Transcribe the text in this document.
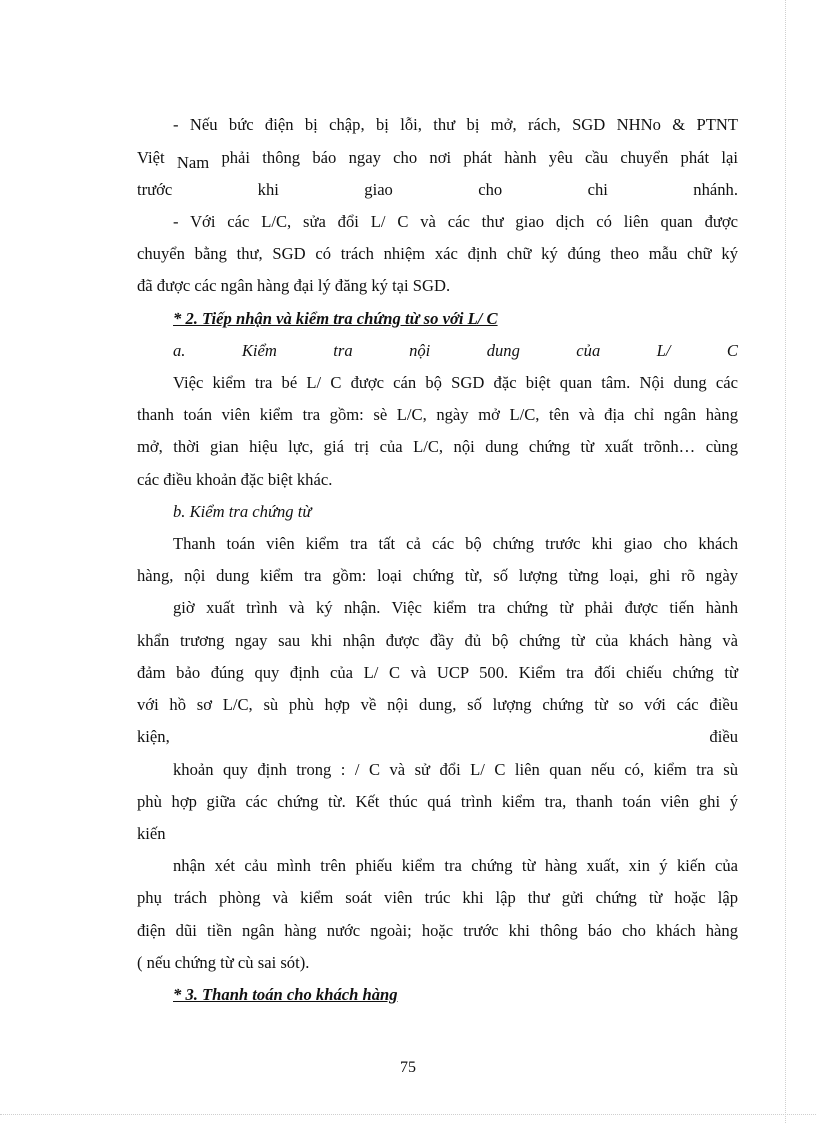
- Nếu bức điện bị chập, bị lỗi, thư bị mở, rách, SGD NHNo & PTNT
Việt Nam phải thông báo ngay cho nơi phát hành yêu cầu chuyển phát lại
trước khi giao cho chi nhánh.
- Với các L/C, sửa đổi L/ C và các thư giao dịch có liên quan được
chuyển bằng thư, SGD có trách nhiệm xác định chữ ký đúng theo mẫu chữ ký
đã được các ngân hàng đại lý đăng ký tại SGD.
* 2. Tiếp nhận và kiểm tra chứng từ so với L/ C
a. Kiểm tra nội dung của L/ C
Việc kiểm tra bé L/ C được cán bộ SGD đặc biệt quan tâm. Nội dung các
thanh toán viên kiểm tra gồm: sè L/C, ngày mở L/C, tên và địa chỉ ngân hàng
mở, thời gian hiệu lực, giá trị của L/C, nội dung chứng từ xuất trõnh… cùng
các điều khoản đặc biệt khác.
b. Kiểm tra chứng từ
Thanh toán viên kiểm tra tất cả các bộ chứng trước khi giao cho khách
hàng, nội dung kiểm tra gồm: loại chứng từ, số lượng từng loại, ghi rõ ngày
giờ xuất trình và ký nhận. Việc kiểm tra chứng từ phải được tiến hành
khẩn trương ngay sau khi nhận được đầy đủ bộ chứng từ của khách hàng và
đảm bảo đúng quy định của L/ C và UCP 500. Kiểm tra đối chiếu chứng từ
với hồ sơ L/C, sù phù hợp về nội dung, số lượng chứng từ so với các điều
kiện, điều
khoản quy định trong : / C và sử đổi L/ C liên quan nếu có, kiểm tra sù
phù hợp giữa các chứng từ. Kết thúc quá trình kiểm tra, thanh toán viên ghi ý
kiến
nhận xét cảu mình trên phiếu kiểm tra chứng từ hàng xuất, xin ý kiến của
phụ trách phòng và kiểm soát viên trúc khi lập thư gửi chứng từ hoặc lập
điện dũi tiền ngân hàng nước ngoài; hoặc trước khi thông báo cho khách hàng
( nếu chứng từ cù sai sót).
* 3. Thanh toán cho khách hàng
75
